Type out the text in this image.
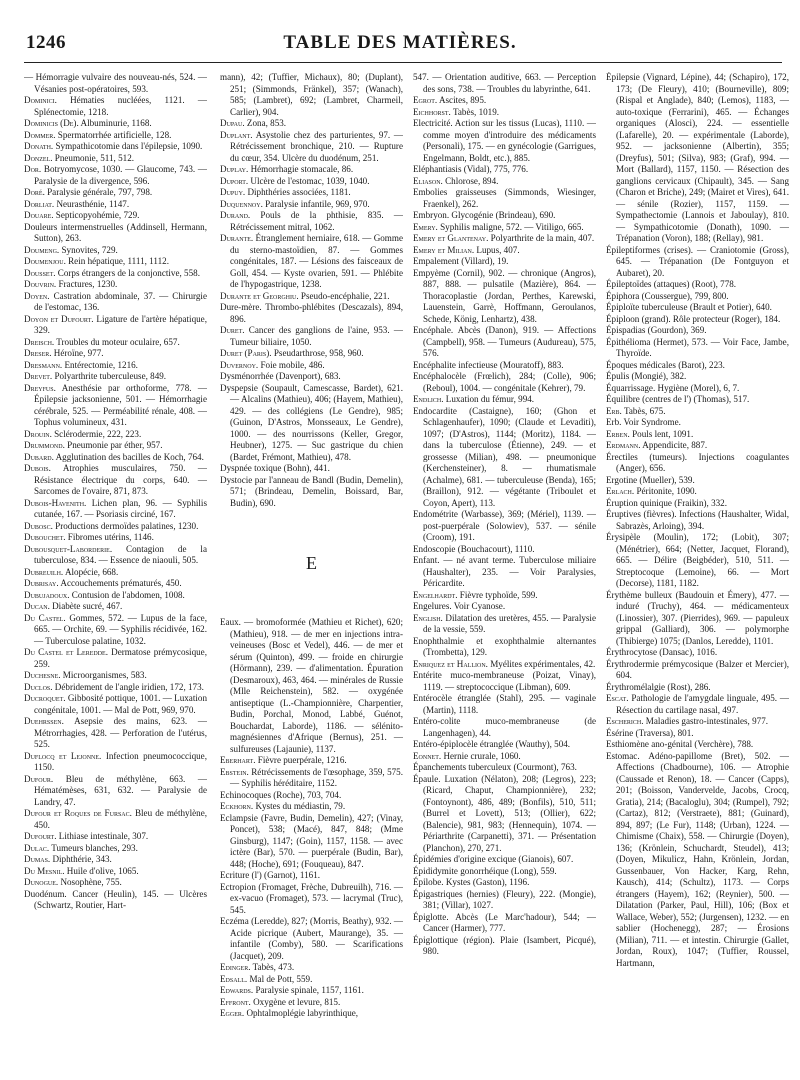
1246	TABLE DES MATIÈRES.

— Hémorragie vulvaire des nouveau-nés, 524. — Vésanies post-opératoires, 593.

Dominici. Hématies nucléées, 1121. — Splénectomie, 1218.

Dominicis (De). Albuminurie, 1168.

Dommer. Spermatorrhée artificielle, 128.

Donath. Sympathicotomie dans l'épilepsie, 1090.

Donzel. Pneumonie, 511, 512.

Dor. Botryomycose, 1030. — Glaucome, 743. — Paralysie de la divergence, 596.

Doré. Paralysie générale, 797, 798.

Dorliat. Neurasthénie, 1147.

Douare. Septicopyohémie, 729.

Douleurs intermenstruelles (Addinsell, Hermann, Sutton), 263.

Doumeng. Synovites, 729.

Doumenjou. Rein hépatique, 1111, 1112.

Dousset. Corps étrangers de la conjonctive, 558.

Douvrin. Fractures, 1230.

Doyen. Castration abdominale, 37. — Chirurgie de l'estomac, 136.

Doyon et Dufourt. Ligature de l'artère hépatique, 329.

Dreisch. Troubles du moteur oculaire, 657.

Dreser. Héroïne, 977.

Dresmann. Entérectomie, 1216.

Drevet. Polyarthrite tuberculeuse, 849.

Dreyfus. Anesthésie par orthoforme, 778. — Épilepsie jacksonienne, 501. — Hémorrhagie cérébrale, 525. — Perméabilité rénale, 408. — Tophus volumineux, 431.

Drouin. Sclérodermie, 222, 223.

Drummond. Pneumonie par éther, 957.

Dubard. Agglutination des bacilles de Koch, 764.

Dubois. Atrophies musculaires, 750. — Résistance électrique du corps, 640. — Sarcomes de l'ovaire, 871, 873.

Dubois-Havenith. Lichen plan, 96. — Syphilis cutanée, 167. — Psoriasis circiné, 167.

Dubosc. Productions dermoïdes palatines, 1230.

Dubouchet. Fibromes utérins, 1146.

Dubousquet-Laborderie. Contagion de la tuberculose, 834. — Essence de niaouli, 505.

Dubreuilh. Alopécie, 668.

Dubrisay. Accouchements prématurés, 450.

Dubujadoux. Contusion de l'abdomen, 1008.

Ducan. Diabète sucré, 467.

Du Castel. Gommes, 572. — Lupus de la face, 665. — Orchite, 69. — Syphilis récidivée, 162. — Tuberculose palatine, 1032.

Du Castel et Leredde. Dermatose prémycosique, 259.

Duchesne. Microorganismes, 583.

Duclos. Débridement de l'angle iridien, 172, 173.

Ducroquet. Gibbosité pottique, 1001. — Luxation congénitale, 1001. — Mal de Pott, 969, 970.

Duehrssen. Asepsie des mains, 623. — Métrorrhagies, 428. — Perforation de l'utérus, 525.

Duflocq et Lejonne. Infection pneumococcique, 1150.

Dufour. Bleu de méthylène, 663. — Hématémèses, 631, 632. — Paralysie de Landry, 47.

Dufour et Roques de Fursac. Bleu de méthylène, 450.

Dufourt. Lithiase intestinale, 307.

Dulac. Tumeurs blanches, 293.

Dumas. Diphthérie, 343.

Du Mesnil. Huile d'olive, 1065.

Dunogue. Nosophène, 755.

Duodénum. Cancer (Heulin), 145. — Ulcères (Schwartz, Routier, Hart-

mann), 42; (Tuffier, Michaux), 80; (Duplant), 251; (Simmonds, Fränkel), 357; (Wanach), 585; (Lambret), 692; (Lambret, Charmeil, Carlier), 904.

Dupau. Zona, 853.

Duplant. Asystolie chez des parturientes, 97. — Rétrécissement bronchique, 210. — Rupture du cœur, 354. Ulcère du duodénum, 251.

Duplay. Hémorrhagie stomacale, 86.

Duport. Ulcère de l'estomac, 1039, 1040.

Dupuy. Diphthéries associées, 1181.

Duquennoy. Paralysie infantile, 969, 970.

Durand. Pouls de la phthisie, 835. — Rétrécissement mitral, 1062.

Durante. Étranglement herniaire, 618. — Gomme du sterno-mastoïdien, 87. — Gommes congénitales, 187. — Lésions des faisceaux de Goll, 454. — Kyste ovarien, 591. — Phlébite de l'hypogastrique, 1238.

Durante et Georghiu. Pseudo-encéphalie, 221.

Dure-mère. Thrombo-phlébites (Descazals), 894, 896.

Duret. Cancer des ganglions de l'aine, 953. — Tumeur biliaire, 1050.

Duret (Paris). Pseudarthrose, 958, 960.

Duvernoy. Foie mobile, 486.

Dysménorrhée (Davenport), 683.

Dyspepsie (Soupault, Camescasse, Bardet), 621. — Alcalins (Mathieu), 406; (Hayem, Mathieu), 429. — des collégiens (Le Gendre), 985; (Guinon, D'Astros, Monsseaux, Le Gendre), 1000. — des nourrissons (Keller, Gregor, Heubner), 1275. — Suc gastrique du chien (Bardet, Frémont, Mathieu), 478.

Dyspnée toxique (Bohn), 441.

Dystocie par l'anneau de Bandl (Budin, Demelin), 571; (Brindeau, Demelin, Boissard, Bar, Budin), 690.

E

Eaux. — bromoformée (Mathieu et Richet), 620; (Mathieu), 918. — de mer en injections intra-veineuses (Bosc et Vedel), 446. — de mer et sérum (Quinton), 499. — froide en chirurgie (Hörmann), 239. — d'alimentation. Épuration (Desmaroux), 463, 464. — minérales de Russie (Mlle Reichenstein), 582. — oxygénée antiseptique (L.-Championnière, Charpentier, Budin, Porchal, Monod, Labbé, Guénot, Bouchardat, Laborde), 1186. — sélénito-magnésiennes d'Afrique (Bernus), 251. — sulfureuses (Lajaunie), 1137.

Eberhart. Fièvre puerpérale, 1216.

Ebstein. Rétrécissements de l'œsophage, 359, 575. — Syphilis héréditaire, 1152.

Echinocoques (Roche), 703, 704.

Eckhorn. Kystes du médiastin, 79.

Eclampsie (Favre, Budin, Demelin), 427; (Vinay, Poncet), 538; (Macé), 847, 848; (Mme Ginsburg), 1147; (Goin), 1157, 1158. — avec ictère (Bar), 570. — puerpérale (Budin, Bar), 448; (Hoche), 691; (Fouqueau), 847.

Ecriture (l') (Garnot), 1161.

Ectropion (Fromaget, Frèche, Dubreuilh), 716. — ex-vacuo (Fromaget), 573. — lacrymal (Truc), 545.

Eczéma (Leredde), 827; (Morris, Beathy), 932. — Acide picrique (Aubert, Maurange), 35. — infantile (Comby), 580. — Scarifications (Jacquet), 209.

Edinger. Tabès, 473.

Edsall. Mal de Pott, 559.

Edwards. Paralysie spinale, 1157, 1161.

Effront. Oxygène et levure, 815.

Egger. Ophtalmoplégie labyrinthique,

547. — Orientation auditive, 663. — Perception des sons, 738. — Troubles du labyrinthe, 641.

Egrot. Ascites, 895.

Eichhorst. Tabès, 1019.

Electricité. Action sur les tissus (Lucas), 1110. — comme moyen d'introduire des médicaments (Personali), 175. — en gynécologie (Garrigues, Engelmann, Boldt, etc.), 885.

Eléphantiasis (Vidal), 775, 776.

Eliason. Chlorose, 894.

Embolies graisseuses (Simmonds, Wiesinger, Fraenkel), 262.

Embryon. Glycogénie (Brindeau), 690.

Emery. Syphilis maligne, 572. — Vitiligo, 665.

Emery et Glantenay. Polyarthrite de la main, 407.

Emery et Milian. Lupus, 407.

Empalement (Villard), 19.

Empyème (Cornil), 902. — chronique (Angros), 887, 888. — pulsatile (Mazière), 864. — Thoracoplastie (Jordan, Perthes, Karewski, Lauenstein, Garrè, Hoffmann, Geroulanos, Schede, König, Lenhartz), 438.

Encéphale. Abcès (Danon), 919. — Affections (Campbell), 958. — Tumeurs (Audureau), 575, 576.

Encéphalite infectieuse (Mouratoff), 883.

Encéphalocèle (Frœlich), 284; (Colle), 906; (Reboul), 1004. — congénitale (Kehrer), 79.

Endlich. Luxation du fémur, 994.

Endocardite (Castaigne), 160; (Ghon et Schlagenhaufer), 1090; (Claude et Levaditi), 1097; (D'Astros), 1144; (Moritz), 1184. — dans la tuberculose (Étienne), 249. — et grossesse (Milian), 498. — pneumonique (Kerchensteiner), 8. — rhumatismale (Achalme), 681. — tuberculeuse (Benda), 165; (Braillon), 912. — végétante (Triboulet et Coyon, Apert), 113.

Endométrite (Warbasse), 369; (Mériel), 1139. — post-puerpérale (Solowiev), 537. — sénile (Croom), 191.

Endoscopie (Bouchacourt), 1110.

Enfant. — né avant terme. Tuberculose miliaire (Haushalter), 235. — Voir Paralysies, Péricardite.

Engelhardt. Fièvre typhoïde, 599.

Engelures. Voir Cyanose.

English. Dilatation des uretères, 455. — Paralysie de la vessie, 559.

Enophthalmie et exophthalmie alternantes (Trombetta), 129.

Enriquez et Hallion. Myélites expérimentales, 42.

Entérite muco-membraneuse (Poizat, Vinay), 1119. — streptococcique (Libman), 609.

Entérocèle étranglée (Stahl), 295. — vaginale (Martin), 1118.

Entéro-colite muco-membraneuse (de Langenhagen), 44.

Entéro-épiplocèle étranglée (Wauthy), 504.

Eonnet. Hernie crurale, 1060.

Épanchements tuberculeux (Courmont), 763.

Épaule. Luxation (Nélaton), 208; (Legros), 223; (Ricard, Chaput, Championnière), 232; (Fontoynont), 486, 489; (Bonfils), 510, 511; (Burrel et Lovett), 513; (Ollier), 622; (Balencie), 981, 983; (Hennequin), 1074. — Périarthrite (Carpanetti), 371. — Présentation (Planchon), 270, 271.

Épidémies d'origine excique (Gianois), 607.

Épididymite gonorrhéique (Long), 559.

Épilobe. Kystes (Gaston), 1196.

Épigastriques (hernies) (Fleury), 222. (Mongie), 381; (Villar), 1027.

Épiglotte. Abcès (Le Marc'hadour), 544; — Cancer (Harmer), 777.

Épiglottique (région). Plaie (Isambert, Picqué), 980.

Épilepsie (Vignard, Lépine), 44; (Schapiro), 172, 173; (De Fleury), 410; (Bourneville), 809; (Rispal et Anglade), 840; (Lemos), 1183, — auto-toxique (Ferrarini), 465. — Échanges organiques (Alosci), 224. — essentielle (Lafarelle), 20. — expérimentale (Laborde), 952. — jacksonienne (Albertin), 355; (Dreyfus), 501; (Silva), 983; (Graf), 994. — Mort (Ballard), 1157, 1150. — Résection des ganglions cervicaux (Chipault), 345. — Sang (Charon et Briche), 249; (Mairet et Vires), 641. — sénile (Rozier), 1157, 1159. — Sympathectomie (Lannois et Jaboulay), 810. — Sympathicotomie (Donath), 1090. — Trépanation (Voron), 188; (Rellay), 981.

Épileptiformes (crises). — Craniotomie (Gross), 645. — Trépanation (De Fontguyon et Aubaret), 20.

Épileptoïdes (attaques) (Root), 778.

Épiphora (Coussergue), 799, 800.

Épiploïte tuberculeuse (Brault et Potier), 640.

Épiploon (grand). Rôle protecteur (Roger), 184.

Épispadias (Gourdon), 369.

Épithélioma (Hermet), 573. — Voir Face, Jambe, Thyroïde.

Époques médicales (Barot), 223.

Épulis (Mongié), 382.

Équarrissage. Hygiène (Morel), 6, 7.

Équilibre (centres de l') (Thomas), 517.

Erb. Tabès, 675.

Erb. Voir Syndrome.

Erben. Pouls lent, 1091.

Erdmann. Appendicite, 887.

Érectiles (tumeurs). Injections coagulantes (Anger), 656.

Ergotine (Mueller), 539.

Erlach. Péritonite, 1090.

Éruption quinique (Fraikin), 332.

Éruptives (fièvres). Infections (Haushalter, Widal, Sabrazès, Arloing), 394.

Érysipèle (Moulin), 172; (Lobit), 307; (Ménétrier), 664; (Netter, Jacquet, Florand), 665. — Délire (Beigbéder), 510, 511. — Streptocoque (Lemoine), 66. — Mort (Decorse), 1181, 1182.

Érythème bulleux (Baudouin et Émery), 477. — induré (Truchy), 464. — médicamenteux (Linossier), 307. (Pierrides), 969. — papuleux grippal (Galliard), 306. — polymorphe (Thibierge) 1075; (Danlos, Leredde), 1101.

Érythrocytose (Dansac), 1016.

Érythrodermie prémycosique (Balzer et Mercier), 604.

Érythromélalgie (Rost), 286.

Escat. Pathologie de l'amygdale linguale, 495. — Résection du cartilage nasal, 497.

Escherich. Maladies gastro-intestinales, 977.

Ésérine (Traversa), 801.

Esthiomène ano-génital (Verchère), 788.

Estomac. Adéno-papillome (Bret), 502. — Affections (Chadbourne), 106. — Atrophie (Caussade et Renon), 18. — Cancer (Capps), 201; (Boisson, Vandervelde, Jacobs, Crocq, Gratia), 214; (Bacaloglu), 304; (Rumpel), 792; (Cartaz), 812; (Verstraete), 881; (Guinard), 894, 897; (Le Fur), 1148; (Urban), 1224. — Chimisme (Chaix), 558. — Chirurgie (Doyen), 136; (Krönlein, Schuchardt, Steudel), 413; (Doyen, Mikulicz, Hahn, Krönlein, Jordan, Gussenbauer, Von Hacker, Karg, Rehn, Kausch), 414; (Schultz), 1173. — Corps étrangers (Hayem), 162; (Reynier), 500. — Dilatation (Parker, Paul, Hill), 106; (Box et Wallace, Weber), 552; (Jurgensen), 1232. — en sablier (Hochenegg), 287; — Érosions (Milian), 711. — et intestin. Chirurgie (Gallet, Jordan, Roux), 1047; (Tuffier, Roussel, Hartmann,
